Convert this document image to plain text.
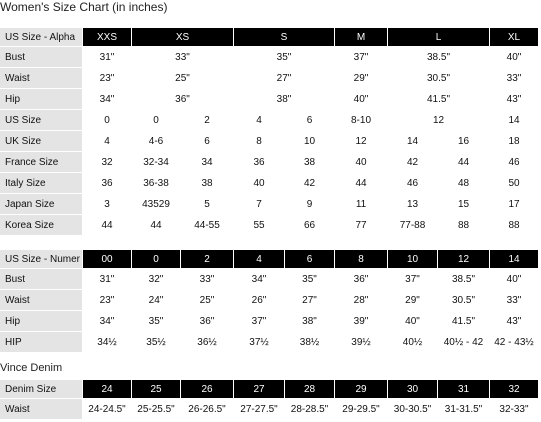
Women's Size Chart (in inches)
US Size - Alpha	XXS	XS		S		M	L		XL
Bust	31"	33"		35"		37"	38.5"		40"
Waist	23"	25"		27"		29"	30.5"		33"
Hip	34"	36"		38"		40"	41.5"		43"
US Size	0	0	2	4	6	8-10	12		14
UK Size	4	4-6	6	8	10	12	14	16	18
France Size	32	32-34	34	36	38	40	42	44	46
Italy Size	36	36-38	38	40	42	44	46	48	50
Japan Size	3	43529	5	7	9	11	13	15	17
Korea Size	44	44	44-55	55	66	77	77-88	88	88
US Size - Numer	00	0	2	4	6	8	10	12	14
Bust	31"	32"	33"	34"	35"	36"	37"	38.5"	40"
Waist	23"	24"	25"	26"	27"	28"	29"	30.5"	33"
Hip	34"	35"	36"	37"	38"	39"	40"	41.5"	43"
HIP	34½	35½	36½	37½	38½	39½	40½	40½ - 42	42 - 43½
Vince Denim
Denim Size	24	25	26	27	28	29	30	31	32
Waist	24-24.5"	25-25.5"	26-26.5"	27-27.5"	28-28.5"	29-29.5"	30-30.5"	31-31.5"	32-33"
